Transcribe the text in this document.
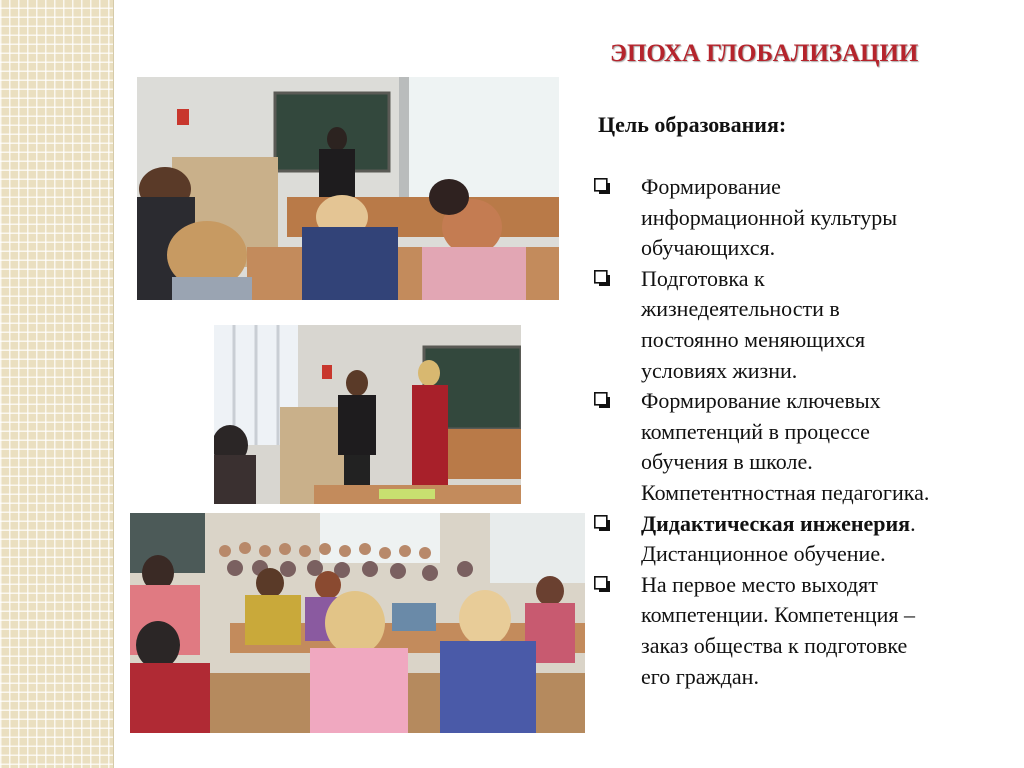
ЭПОХА ГЛОБАЛИЗАЦИИ
Цель образования:
Формирование
информационной культуры
обучающихся.
Подготовка к
жизнедеятельности в
постоянно меняющихся
условиях жизни.
Формирование ключевых
компетенций в процессе
обучения в школе.
Компетентностная педагогика.
Дидактическая инженерия.
Дистанционное обучение.
На первое место выходят
компетенции. Компетенция –
заказ общества к подготовке
его граждан.
